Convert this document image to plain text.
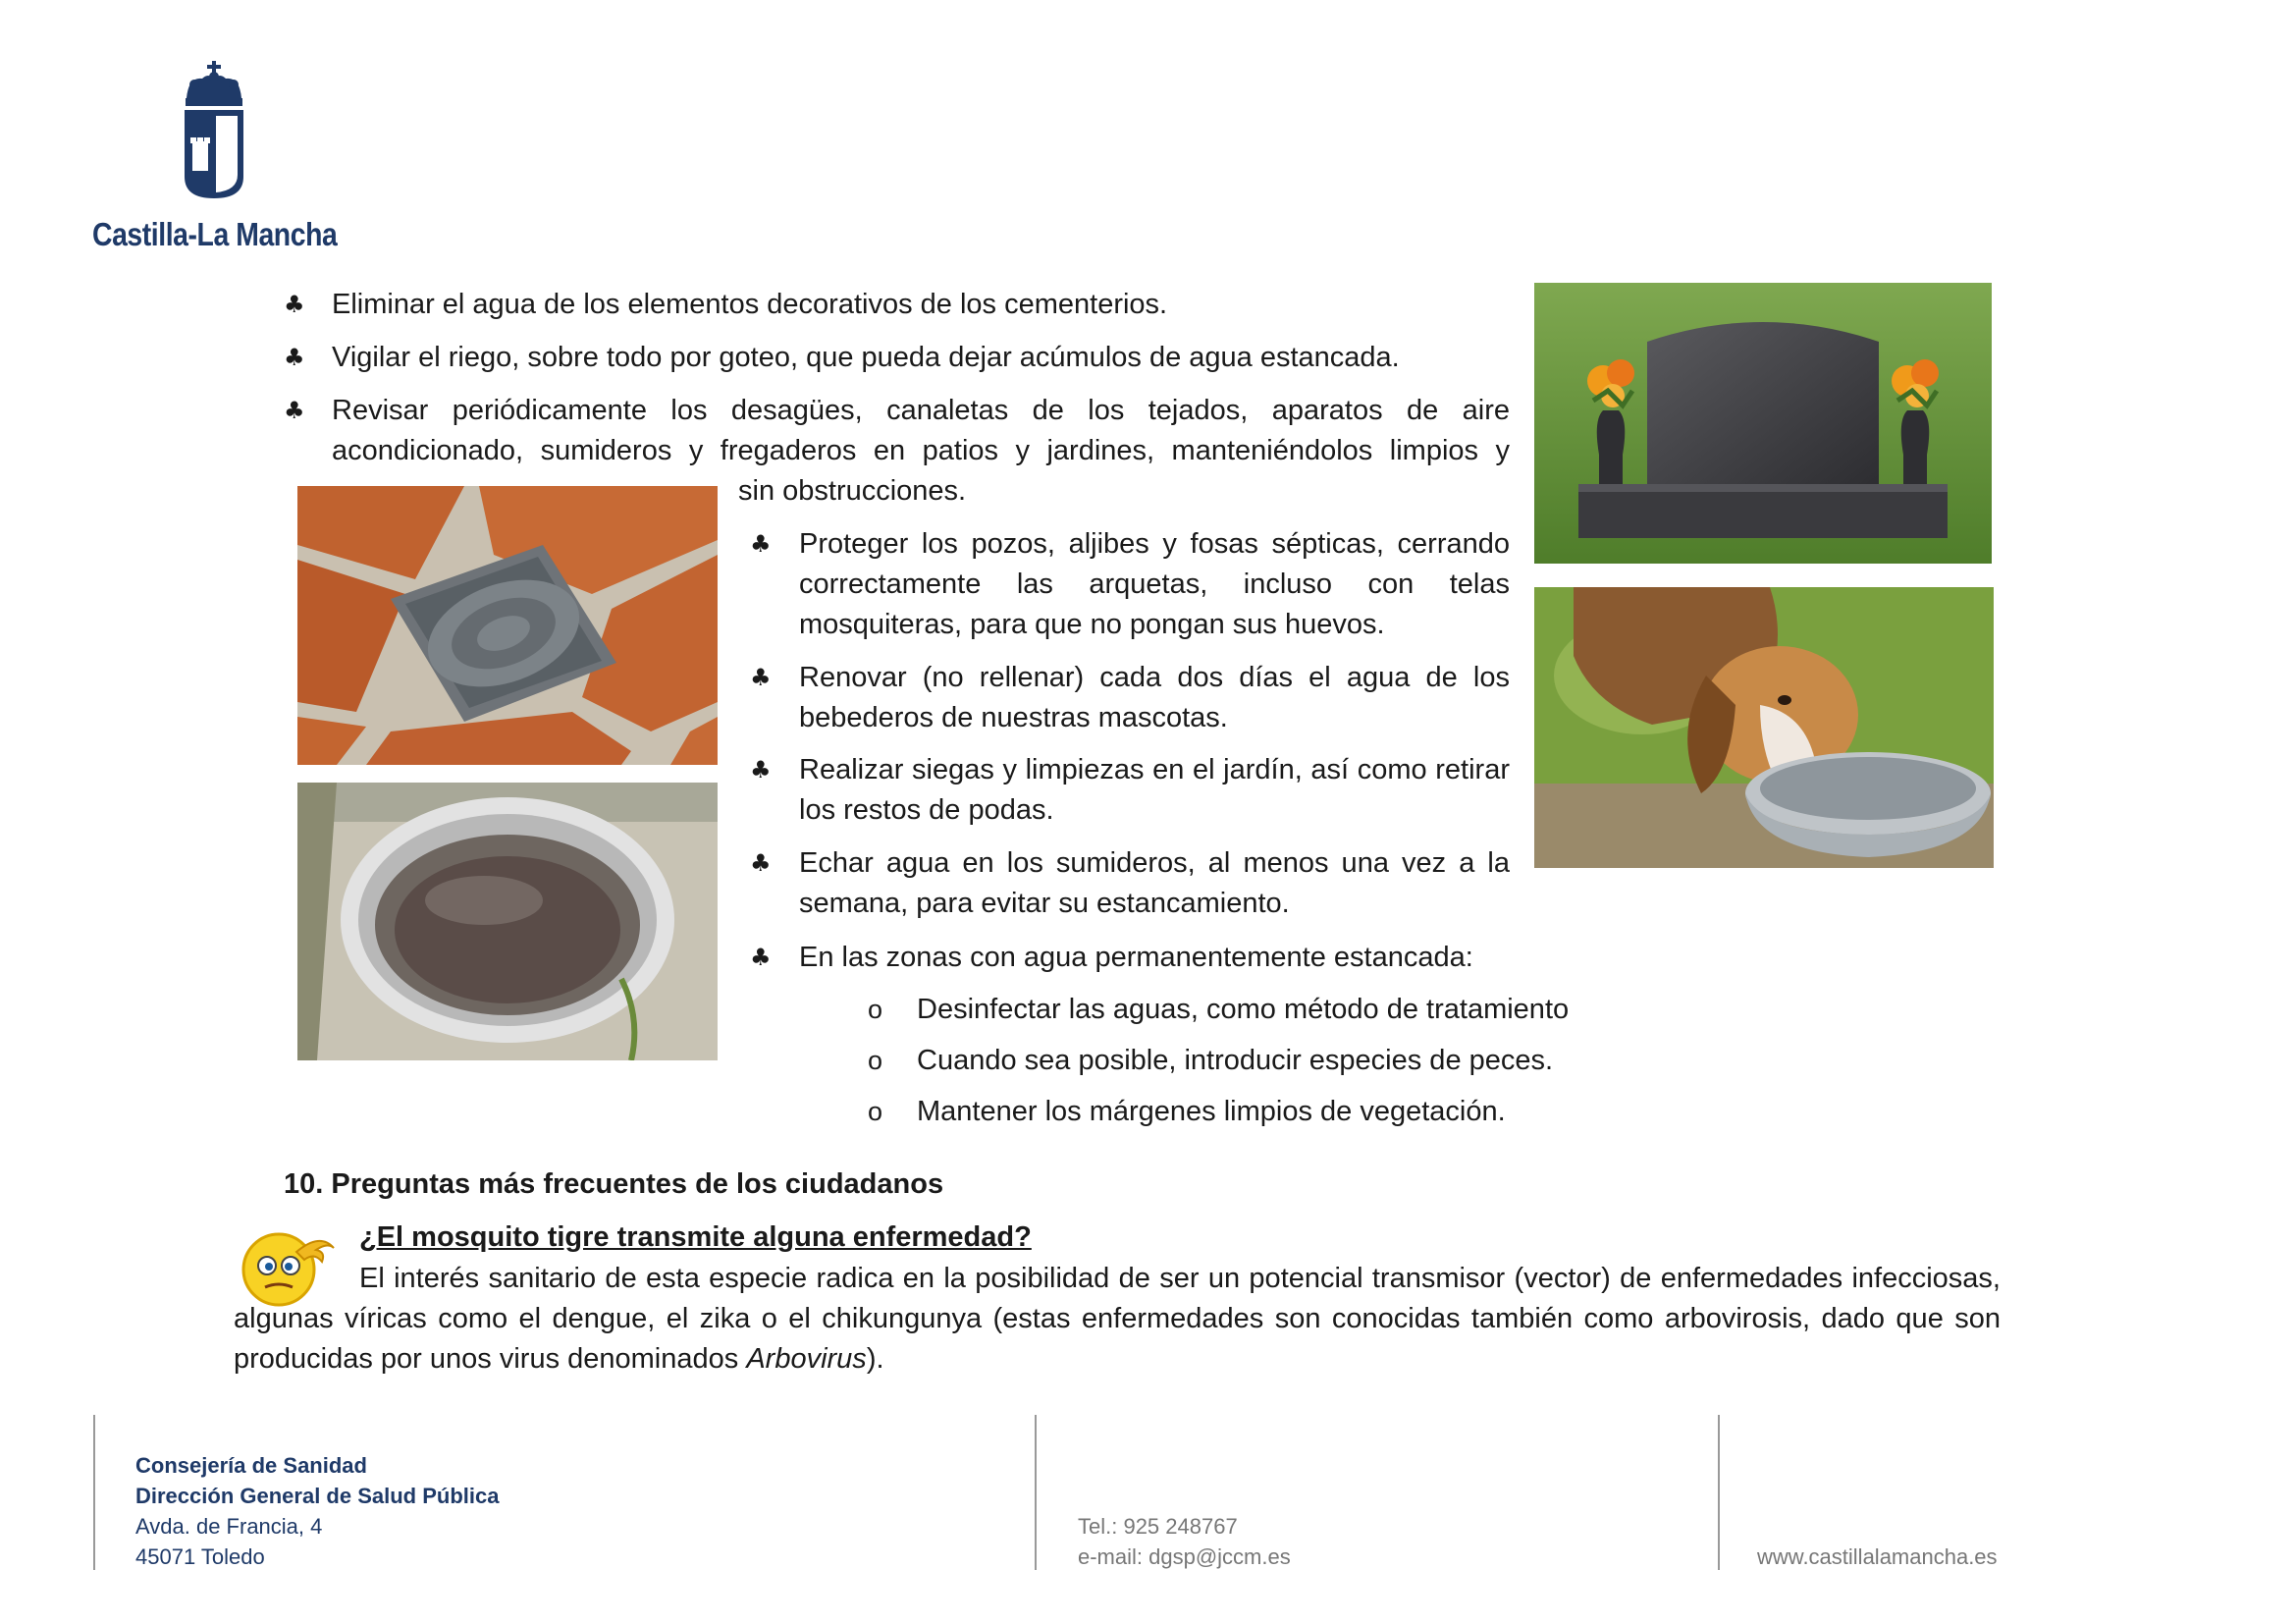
Castilla-La Mancha
♣ Eliminar el agua de los elementos decorativos de los cementerios.
♣ Vigilar el riego, sobre todo por goteo, que pueda dejar acúmulos de agua estancada.
♣ Revisar periódicamente los desagües, canaletas de los tejados, aparatos de aire acondicionado, sumideros y fregaderos en patios y jardines, manteniéndolos limpios y
sin obstrucciones.
♣ Proteger los pozos, aljibes y fosas sépticas, cerrando correctamente las arquetas, incluso con telas mosquiteras, para que no pongan sus huevos.
♣ Renovar (no rellenar) cada dos días el agua de los bebederos de nuestras mascotas.
♣ Realizar siegas y limpiezas en el jardín, así como retirar los restos de podas.
♣ Echar agua en los sumideros, al menos una vez a la semana, para evitar su estancamiento.
♣ En las zonas con agua permanentemente estancada:
o Desinfectar las aguas, como método de tratamiento
o Cuando sea posible, introducir especies de peces.
o Mantener los márgenes limpios de vegetación.
10. Preguntas más frecuentes de los ciudadanos
¿El mosquito tigre transmite alguna enfermedad?
El interés sanitario de esta especie radica en la posibilidad de ser un potencial transmisor (vector) de enfermedades infecciosas, algunas víricas como el dengue, el zika o el chikungunya (estas enfermedades son conocidas también como arbovirosis, dado que son producidas por unos virus denominados Arbovirus).
Consejería de Sanidad
Dirección General de Salud Pública
Avda. de Francia, 4
45071 Toledo
Tel.: 925 248767
e-mail: dgsp@jccm.es	www.castillalamancha.es
